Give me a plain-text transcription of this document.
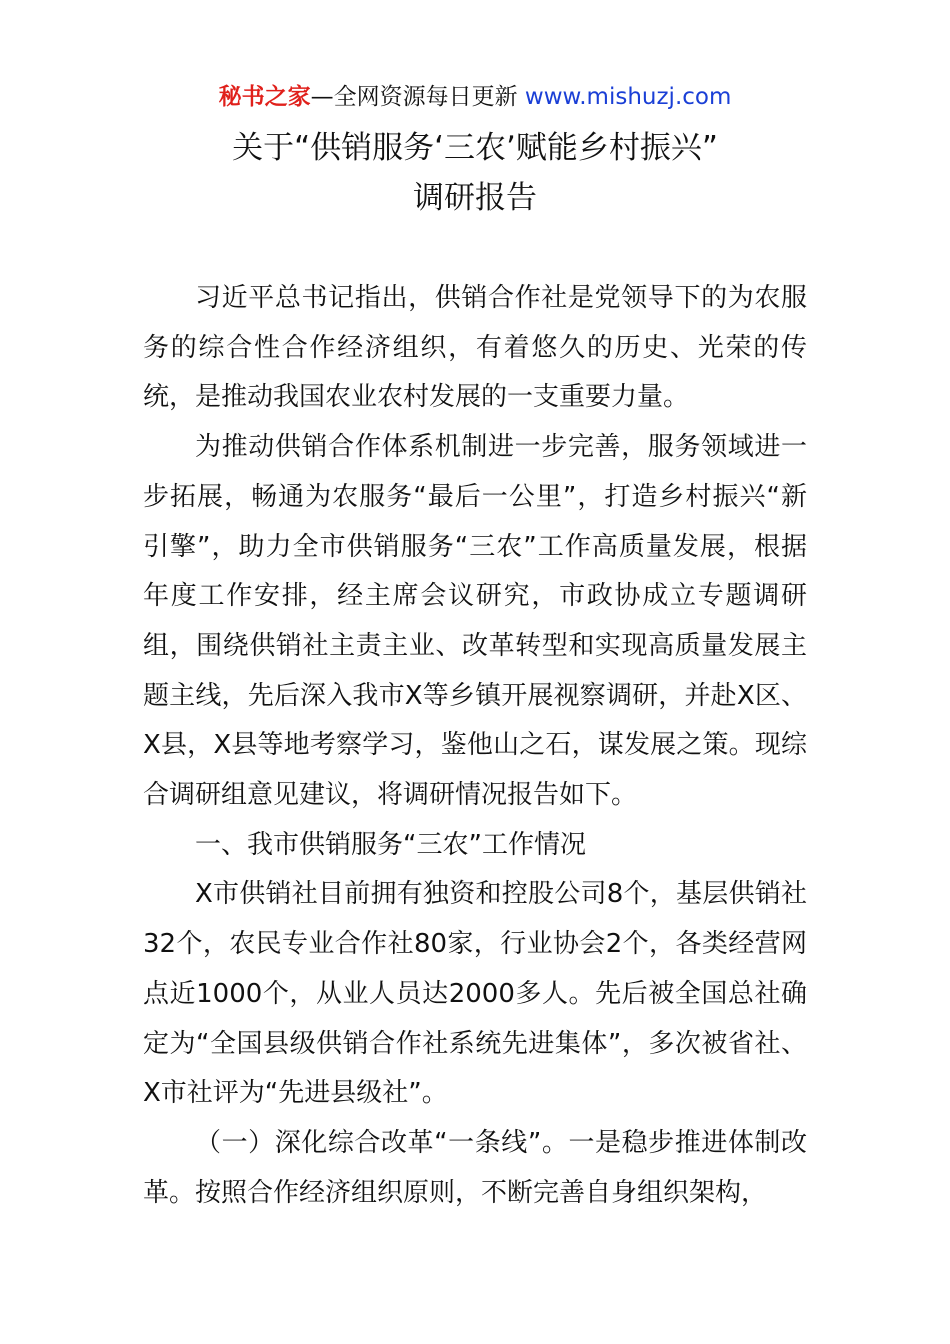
秘书之家—全网资源每日更新 www.mishuzj.com
关于“供销服务‘三农’赋能乡村振兴”
调研报告

习近平总书记指出，供销合作社是党领导下的为农服务的综合性合作经济组织，有着悠久的历史、光荣的传统，是推动我国农业农村发展的一支重要力量。

为推动供销合作体系机制进一步完善，服务领域进一步拓展，畅通为农服务“最后一公里”，打造乡村振兴“新引擎”，助力全市供销服务“三农”工作高质量发展，根据年度工作安排，经主席会议研究，市政协成立专题调研组，围绕供销社主责主业、改革转型和实现高质量发展主题主线，先后深入我市X等乡镇开展视察调研，并赴X区、X县，X县等地考察学习，鉴他山之石，谋发展之策。现综合调研组意见建议，将调研情况报告如下。

一、我市供销服务“三农”工作情况

X市供销社目前拥有独资和控股公司8个，基层供销社32个，农民专业合作社80家，行业协会2个，各类经营网点近1000个，从业人员达2000多人。先后被全国总社确定为“全国县级供销合作社系统先进集体”，多次被省社、X市社评为“先进县级社”。

（一）深化综合改革“一条线”。一是稳步推进体制改革。按照合作经济组织原则，不断完善自身组织架构，
